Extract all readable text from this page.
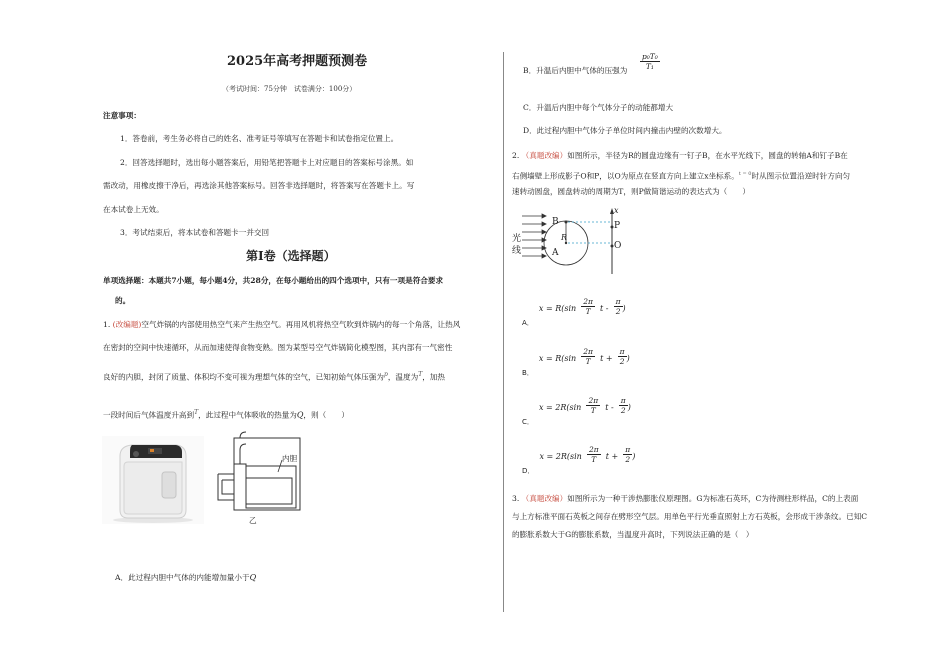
2025年高考押题预测卷
（考试时间：75分钟　试卷满分：100分）
注意事项：
1．答卷前，考生务必将自己的姓名、准考证号等填写在答题卡和试卷指定位置上。
2．回答选择题时，选出每小题答案后，用铅笔把答题卡上对应题目的答案标号涂黑。如
需改动，用橡皮擦干净后，再选涂其他答案标号。回答非选择题时，将答案写在答题卡上。写
在本试卷上无效。
3．考试结束后，将本试卷和答题卡一并交回
第Ⅰ卷（选择题）
单项选择题：本题共7小题，每小题4分，共28分，在每小题给出的四个选项中，只有一项是符合要求
的。
1. (改编题)空气炸锅的内部使用热空气来产生热空气。再用风机将热空气吹到炸锅内的每一个角落，让热风
在密封的空间中快速循环，从而加速使得食物变熟。图为某型号空气炸锅简化模型图，其内部有一气密性
良好的内胆，封闭了质量、体积均不变可视为理想气体的空气，已知初始气体压强为$^p$，温度为$^T$，加热
一段时间后气体温度升高到$^T$，此过程中气体吸收的热量为Q，则（　　）
内胆
乙
A．此过程内胆中气体的内能增加量小于Q
B．升温后内胆中气体的压强为 $\frac{\text{p₀T₀}}{\text{T₁}}$
C．升温后内胆中每个气体分子的动能都增大
D．此过程内胆中气体分子单位时间内撞击内壁的次数增大。
2. （真题改编）如图所示，半径为R的圆盘边缘有一钉子B，在水平光线下，圆盘的转轴A和钉子B在
右侧墙壁上形成影子O和P，以O为原点在竖直方向上建立x坐标系。$^{t = 0}$时从图示位置沿逆时针方向匀
速转动圆盘，圆盘转动的周期为T，则P做简谐运动的表达式为（　　）
光
线
B
R
A
x
P
O
$_{A.}$ $x = R(\sin \frac{2\pi}{T}$ t - $\frac{\pi}{2}$ )
$_{B.}$ $x = R(\sin \frac{2\pi}{T}$ $t + \frac{\pi}{2}$ )
$_{C.}$ $x = 2R(\sin \frac{2\pi}{T}$ t - $\frac{\pi}{2}$ )
$_{D.}$ $x = 2R(\sin \frac{2\pi}{T}$ $t + \frac{\pi}{2}$ )
3. （真题改编）如图所示为一种干涉热膨胀仪原理图。G为标准石英环，C为待测柱形样品，C的上表面
与上方标准平面石英板之间存在劈形空气层。用单色平行光垂直照射上方石英板，会形成干涉条纹。已知C
的膨胀系数大于G的膨胀系数，当温度升高时，下列说法正确的是（　）
